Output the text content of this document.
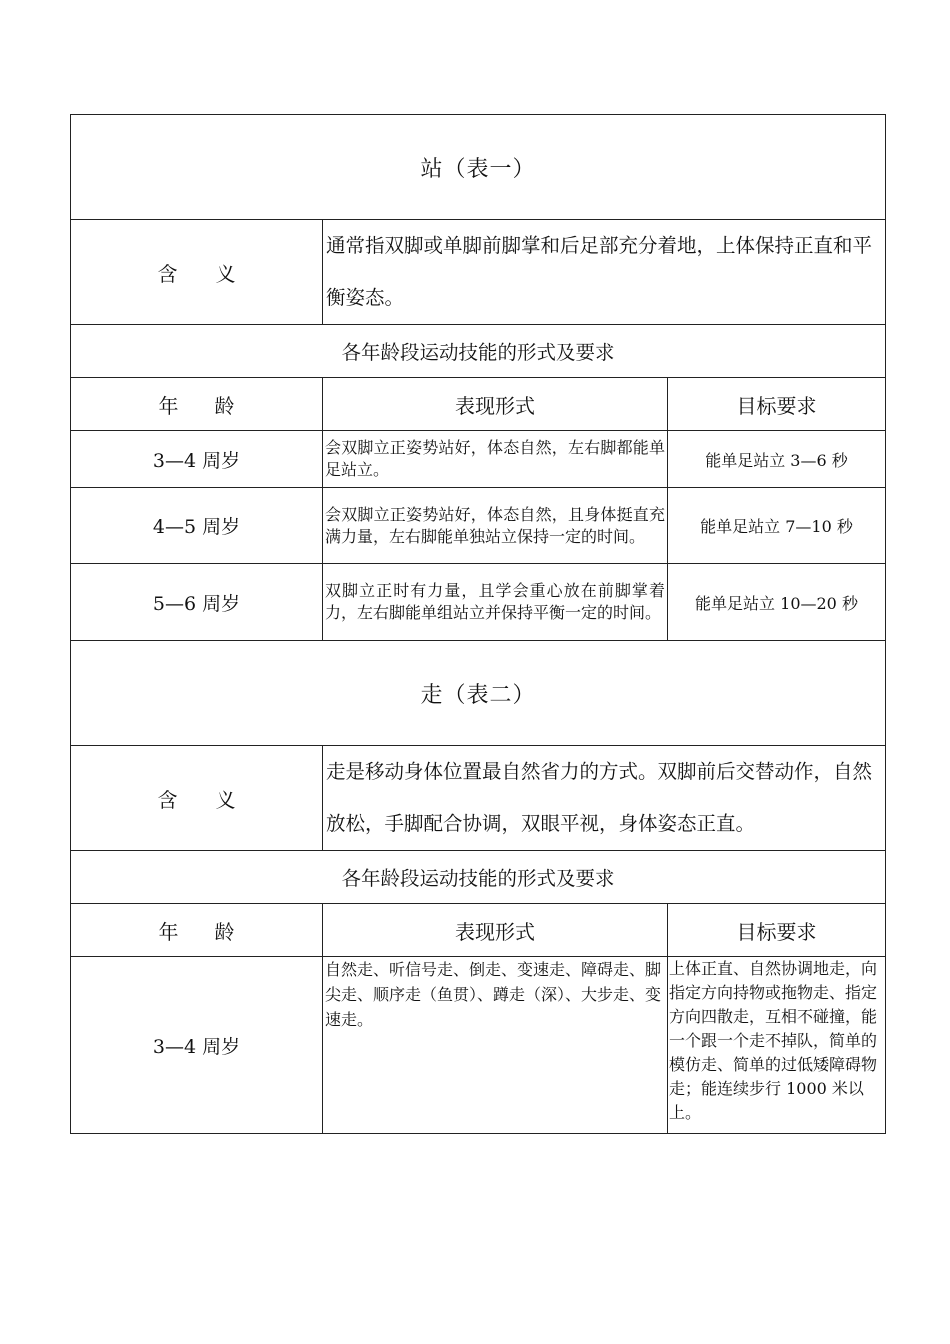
站（表一）		
含 义	通常指双脚或单脚前脚掌和后足部充分着地，上体保持正直和平衡姿态。	
各年龄段运动技能的形式及要求		
年 龄	表现形式	目标要求
3—4 周岁	会双脚立正姿势站好，体态自然，左右脚都能单足站立。	能单足站立 3—6 秒
4—5 周岁	会双脚立正姿势站好，体态自然，且身体挺直充满力量，左右脚能单独站立保持一定的时间。	能单足站立 7—10 秒
5—6 周岁	双脚立正时有力量，且学会重心放在前脚掌着力，左右脚能单组站立并保持平衡一定的时间。	能单足站立 10—20 秒
走（表二）		
含 义	走是移动身体位置最自然省力的方式。双脚前后交替动作，自然放松，手脚配合协调，双眼平视，身体姿态正直。	
各年龄段运动技能的形式及要求		
年 龄	表现形式	目标要求
3—4 周岁	自然走、听信号走、倒走、变速走、障碍走、脚尖走、顺序走（鱼贯）、蹲走（深）、大步走、变速走。	上体正直、自然协调地走，向指定方向持物或拖物走、指定方向四散走，互相不碰撞，能一个跟一个走不掉队，简单的模仿走、简单的过低矮障碍物走；能连续步行 1000 米以上。
